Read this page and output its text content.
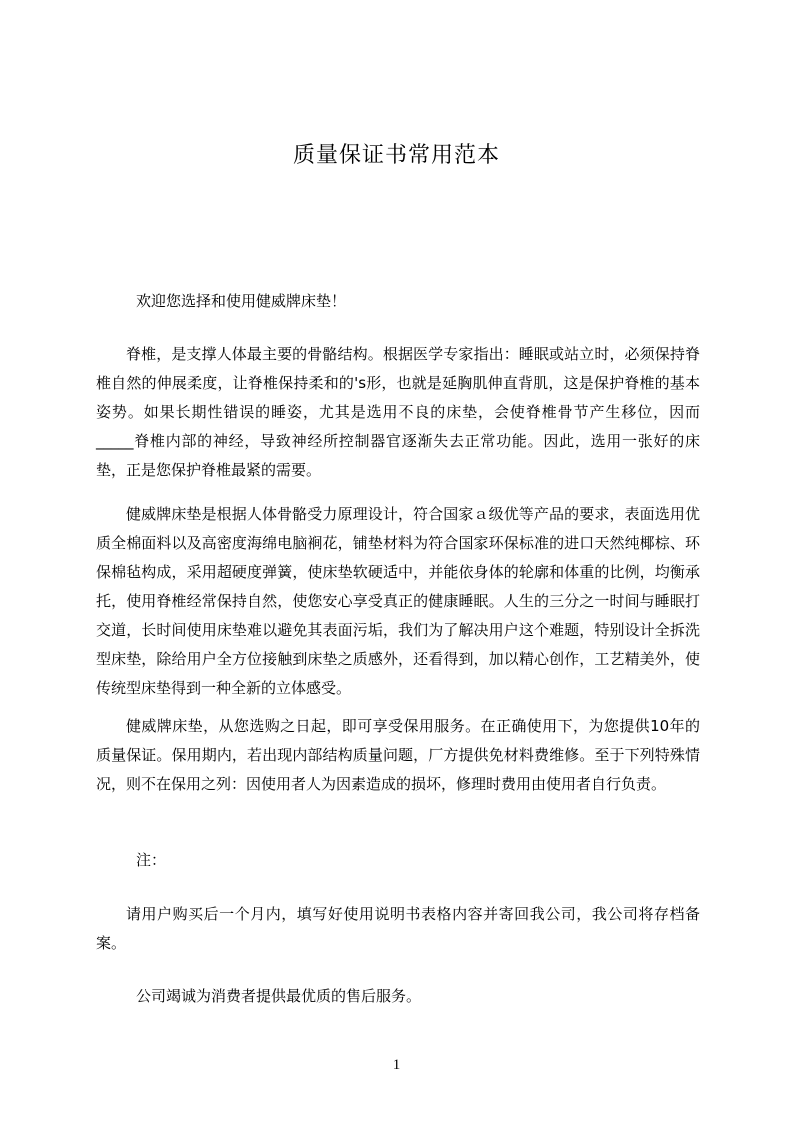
质量保证书常用范本

欢迎您选择和使用健威牌床垫！

脊椎，是支撑人体最主要的骨骼结构。根据医学专家指出：睡眠或站立时，必须保持脊椎自然的伸展柔度，让脊椎保持柔和的's形，也就是延胸肌伸直背肌，这是保护脊椎的基本姿势。如果长期性错误的睡姿，尤其是选用不良的床垫，会使脊椎骨节产生移位，因而_____脊椎内部的神经，导致神经所控制器官逐渐失去正常功能。因此，选用一张好的床垫，正是您保护脊椎最紧的需要。

健威牌床垫是根据人体骨骼受力原理设计，符合国家ａ级优等产品的要求，表面选用优质全棉面料以及高密度海绵电脑裥花，铺垫材料为符合国家环保标准的进口天然纯椰棕、环保棉毡构成，采用超硬度弹簧，使床垫软硬适中，并能依身体的轮廓和体重的比例，均衡承托，使用脊椎经常保持自然，使您安心享受真正的健康睡眠。人生的三分之一时间与睡眠打交道，长时间使用床垫难以避免其表面污垢，我们为了解决用户这个难题，特别设计全拆洗型床垫，除给用户全方位接触到床垫之质感外，还看得到，加以精心创作，工艺精美外，使传统型床垫得到一种全新的立体感受。

健威牌床垫，从您选购之日起，即可享受保用服务。在正确使用下，为您提供10年的质量保证。保用期内，若出现内部结构质量问题，厂方提供免材料费维修。至于下列特殊情况，则不在保用之列：因使用者人为因素造成的损坏，修理时费用由使用者自行负责。

注：

请用户购买后一个月内，填写好使用说明书表格内容并寄回我公司，我公司将存档备案。

公司竭诚为消费者提供最优质的售后服务。

1
